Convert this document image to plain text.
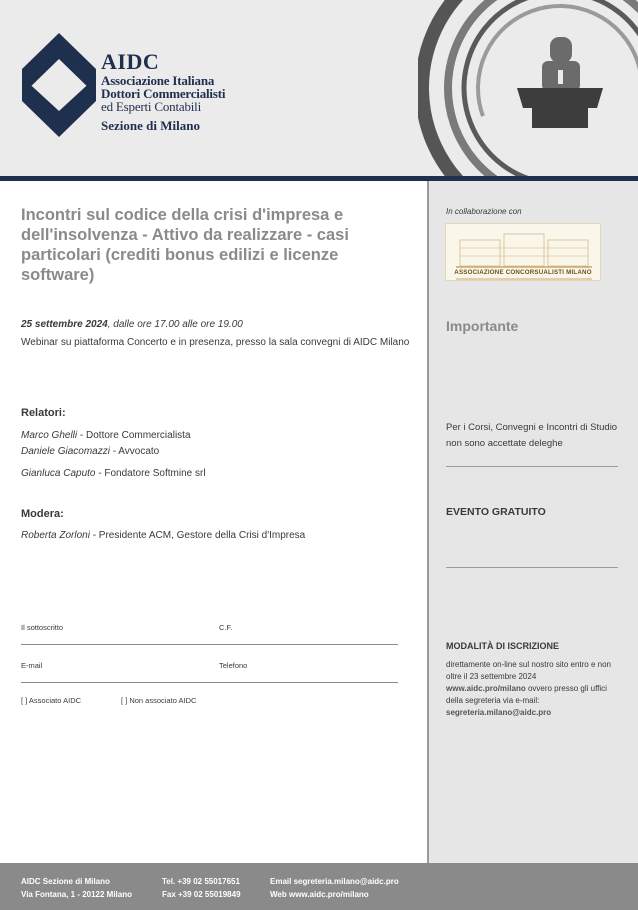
AIDC
Associazione Italiana
Dottori Commercialisti
ed Esperti Contabili
Sezione di Milano
Incontri sul codice della crisi d'impresa e dell'insolvenza - Attivo da realizzare - casi particolari (crediti bonus edilizi e licenze software)
25 settembre 2024, dalle ore 17.00 alle ore 19.00
Webinar su piattaforma Concerto e in presenza, presso la sala convegni di AIDC Milano
Relatori:
Marco Ghelli - Dottore Commercialista
Daniele Giacomazzi - Avvocato
Gianluca Caputo - Fondatore Softmine srl
Modera:
Roberta Zorloni - Presidente ACM, Gestore della Crisi d'Impresa
Il sottoscritto	C.F.
E-mail	Telefono
[ ] Associato AIDC	[ ] Non associato AIDC
In collaborazione con
ASSOCIAZIONE CONCORSUALISTI MILANO
Importante
Per i Corsi, Convegni e Incontri di Studio non sono accettate deleghe
EVENTO GRATUITO
MODALITÀ DI ISCRIZIONE
direttamente on-line sul nostro sito entro e non oltre il 23 settembre 2024
www.aidc.pro/milano ovvero presso gli uffici della segreteria via e-mail:
segreteria.milano@aidc.pro
AIDC Sezione di Milano
Via Fontana, 1 - 20122 Milano
Tel. +39 02 55017651
Fax +39 02 55019849
Email segreteria.milano@aidc.pro
Web www.aidc.pro/milano
